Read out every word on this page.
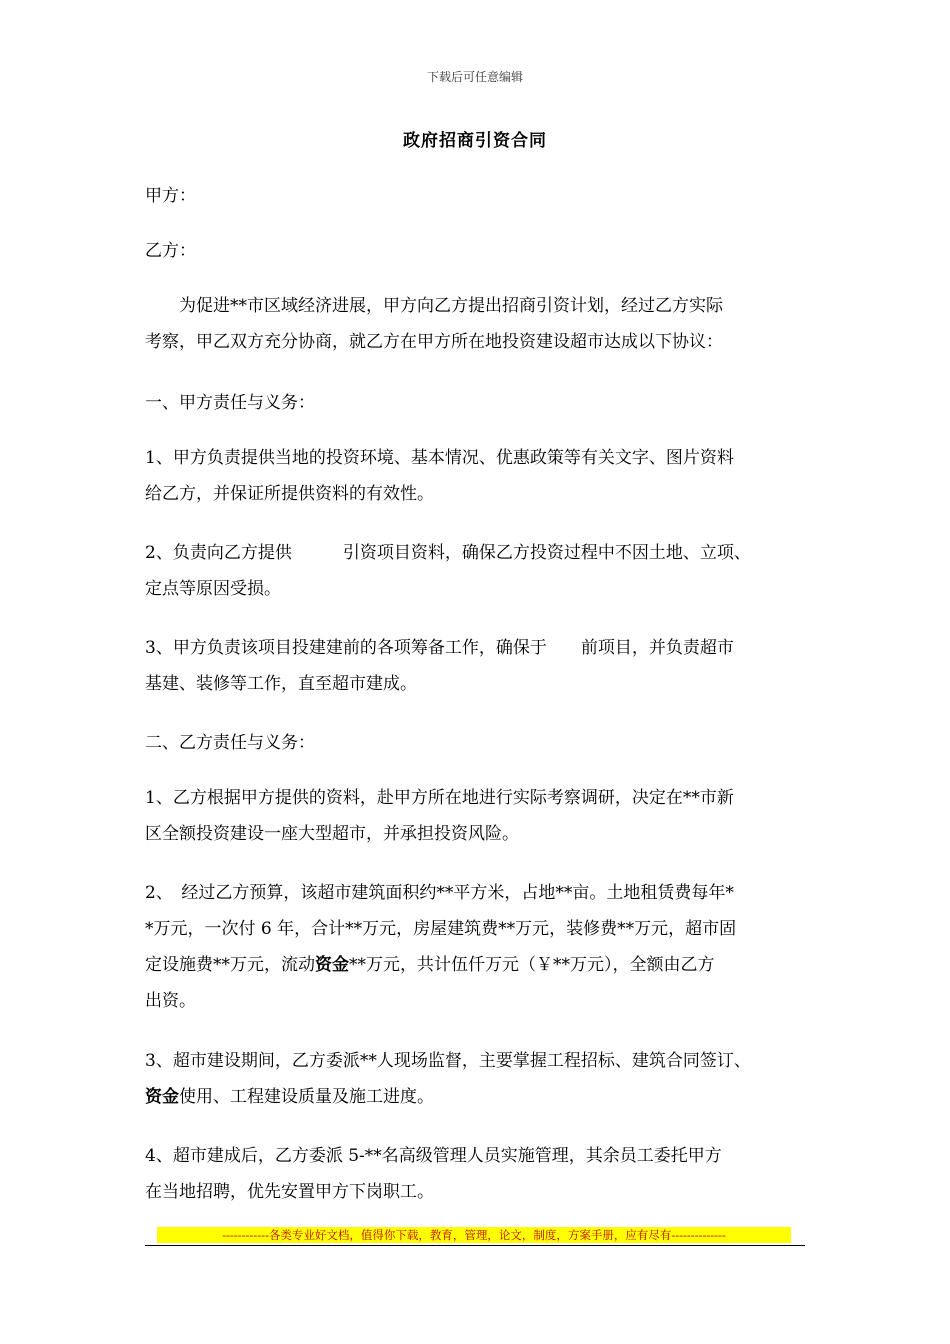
下载后可任意编辑
政府招商引资合同
甲方：
乙方：
　　为促进**市区域经济进展，甲方向乙方提出招商引资计划，经过乙方实际
考察，甲乙双方充分协商，就乙方在甲方所在地投资建设超市达成以下协议：
一、甲方责任与义务：
1、甲方负责提供当地的投资环境、基本情况、优惠政策等有关文字、图片资料
给乙方，并保证所提供资料的有效性。
2、负责向乙方提供　　　引资项目资料，确保乙方投资过程中不因土地、立项、
定点等原因受损。
3、甲方负责该项目投建建前的各项筹备工作，确保于　　前项目，并负责超市
基建、装修等工作，直至超市建成。
二、乙方责任与义务：
1、乙方根据甲方提供的资料，赴甲方所在地进行实际考察调研，决定在**市新
区全额投资建设一座大型超市，并承担投资风险。
2、　经过乙方预算，该超市建筑面积约**平方米，占地**亩。土地租赁费每年*
*万元，一次付 6 年，合计**万元，房屋建筑费**万元，装修费**万元，超市固
定设施费**万元，流动资金**万元，共计伍仟万元（￥**万元），全额由乙方
出资。
3、超市建设期间，乙方委派**人现场监督，主要掌握工程招标、建筑合同签订、
资金使用、工程建设质量及施工进度。
4、超市建成后，乙方委派 5-**名高级管理人员实施管理，其余员工委托甲方
在当地招聘，优先安置甲方下岗职工。
------------各类专业好文档，值得你下载，教育，管理，论文，制度，方案手册，应有尽有--------------
